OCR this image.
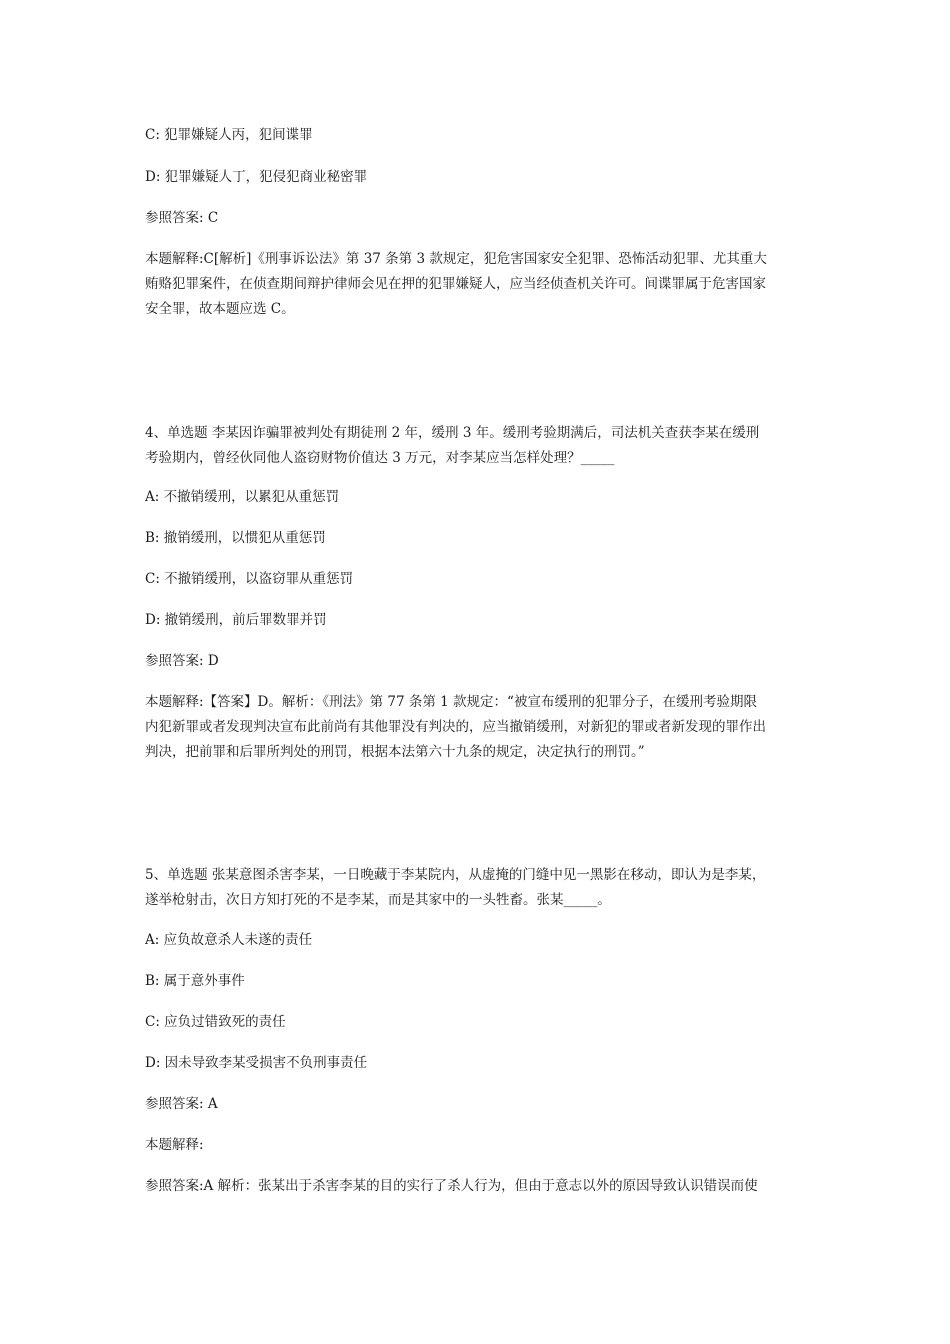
C: 犯罪嫌疑人丙，犯间谍罪
D: 犯罪嫌疑人丁，犯侵犯商业秘密罪
参照答案: C
本题解释:C[解析]《刑事诉讼法》第 37 条第 3 款规定，犯危害国家安全犯罪、恐怖活动犯罪、尤其重大
贿赂犯罪案件，在侦查期间辩护律师会见在押的犯罪嫌疑人，应当经侦查机关许可。间谍罪属于危害国家
安全罪，故本题应选 C。
4、单选题 李某因诈骗罪被判处有期徒刑 2 年，缓刑 3 年。缓刑考验期满后，司法机关查获李某在缓刑
考验期内，曾经伙同他人盗窃财物价值达 3 万元，对李某应当怎样处理？_____
A: 不撤销缓刑，以累犯从重惩罚
B: 撤销缓刑，以惯犯从重惩罚
C: 不撤销缓刑，以盗窃罪从重惩罚
D: 撤销缓刑，前后罪数罪并罚
参照答案: D
本题解释:【答案】D。解析：《刑法》第 77 条第 1 款规定：“被宣布缓刑的犯罪分子，在缓刑考验期限
内犯新罪或者发现判决宣布此前尚有其他罪没有判决的，应当撤销缓刑，对新犯的罪或者新发现的罪作出
判决，把前罪和后罪所判处的刑罚，根据本法第六十九条的规定，决定执行的刑罚。”
5、单选题 张某意图杀害李某，一日晚藏于李某院内，从虚掩的门缝中见一黑影在移动，即认为是李某，
遂举枪射击，次日方知打死的不是李某，而是其家中的一头牲畜。张某_____。
A: 应负故意杀人未遂的责任
B: 属于意外事件
C: 应负过错致死的责任
D: 因未导致李某受损害不负刑事责任
参照答案: A
本题解释:
参照答案:A 解析：张某出于杀害李某的目的实行了杀人行为，但由于意志以外的原因导致认识错误而使
